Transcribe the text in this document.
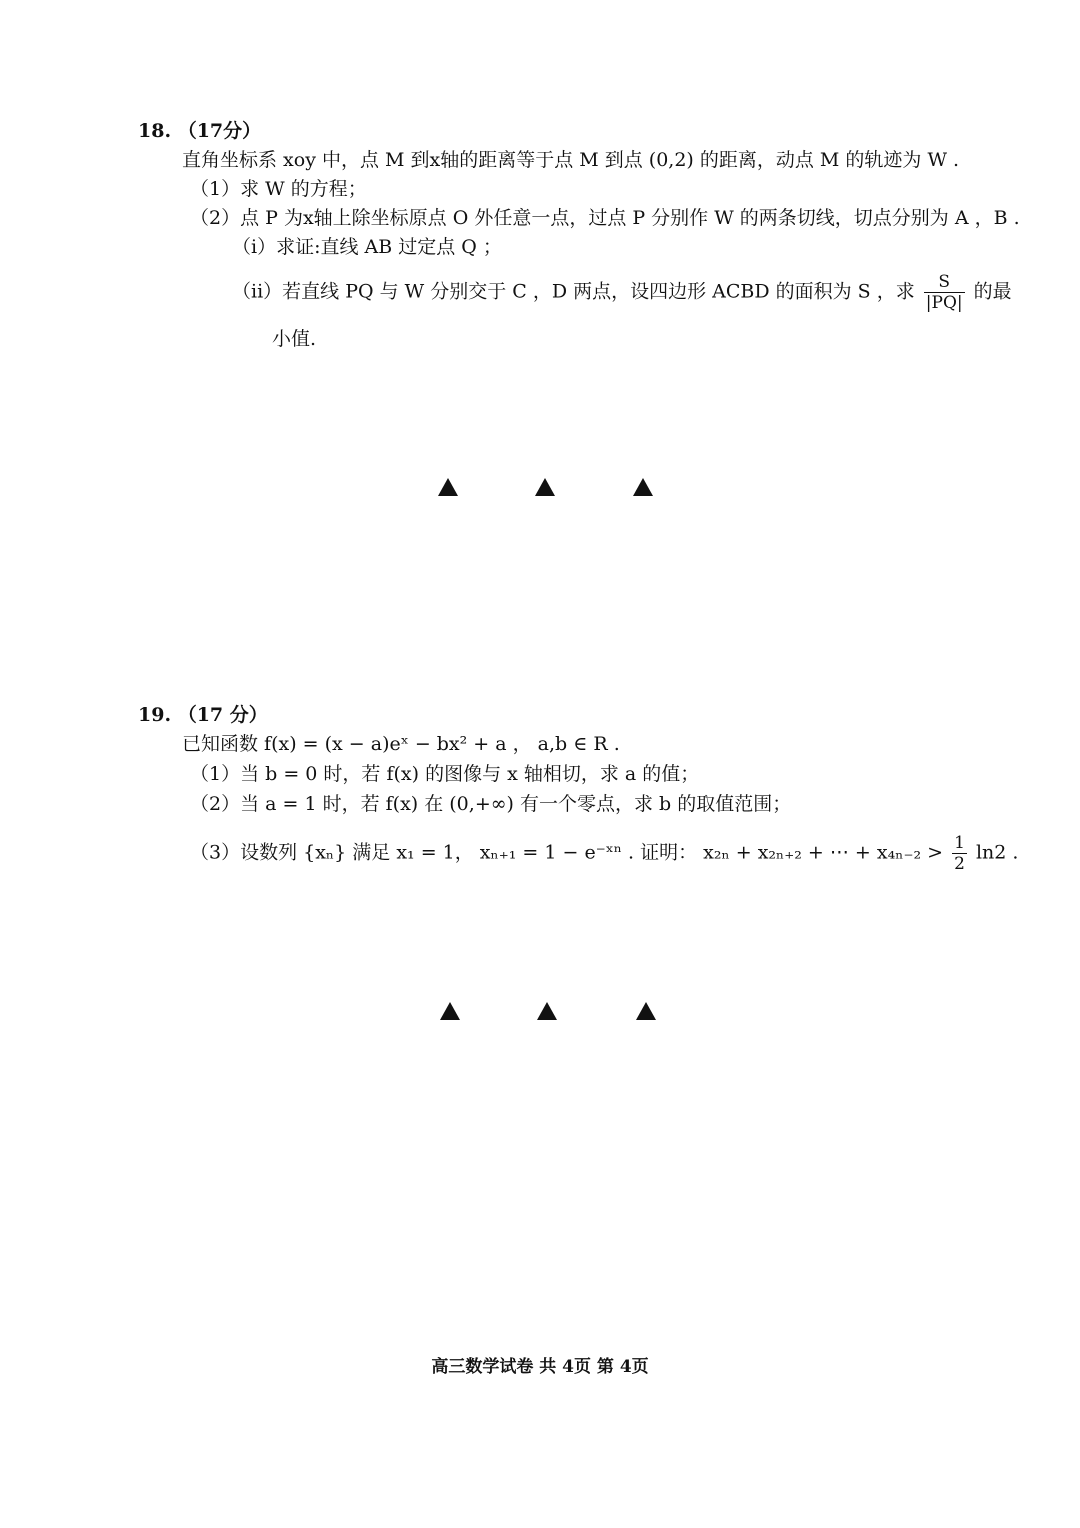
18. （17分）
直角坐标系 xoy 中，点 M 到x轴的距离等于点 M 到点 (0,2) 的距离，动点 M 的轨迹为 W .
（1）求 W 的方程；
（2）点 P 为x轴上除坐标原点 O 外任意一点，过点 P 分别作 W 的两条切线，切点分别为 A ，B .
（i）求证:直线 AB 过定点 Q ；
（ii）若直线 PQ 与 W 分别交于 C ，D 两点，设四边形 ACBD 的面积为 S ，求 $\frac{S}{|PQ|}$ 的最
小值.
19. （17 分）
已知函数 f(x) = (x − a)eˣ − bx² + a ， a,b ∈ R .
（1）当 b = 0 时，若 f(x) 的图像与 x 轴相切，求 a 的值；
（2）当 a = 1 时，若 f(x) 在 (0,+∞) 有一个零点，求 b 的取值范围；
（3）设数列 {xₙ} 满足 x₁ = 1， xₙ₊₁ = 1 − e⁻ˣⁿ . 证明： x₂ₙ + x₂ₙ₊₂ + ⋯ + $x_{4n-2} > \frac{1}{2} \ln 2$ .
高三数学试卷 共 4页 第 4页
